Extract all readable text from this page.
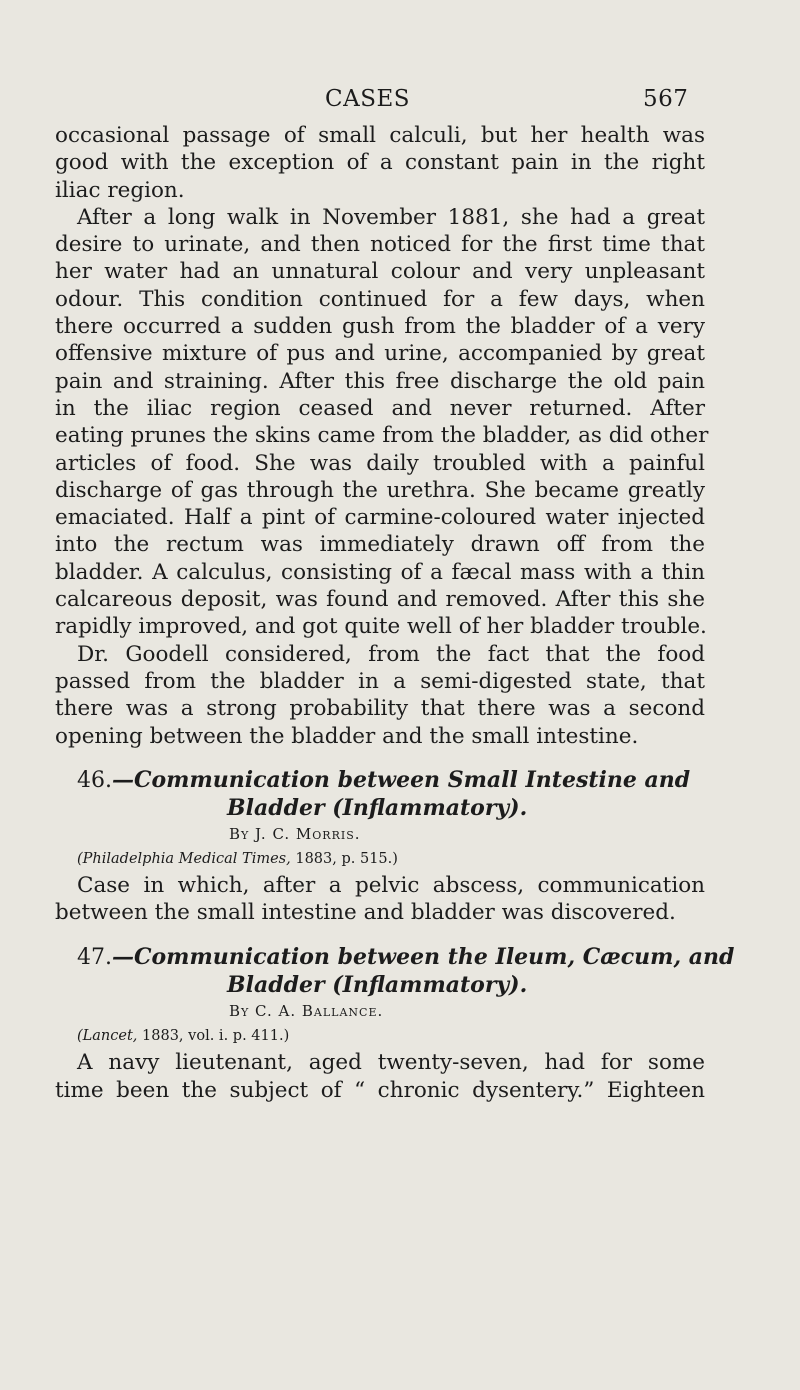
CASES	567
occasional passage of small calculi, but her health was
good with the exception of a constant pain in the right
iliac region.
After a long walk in November 1881, she had a great
desire to urinate, and then noticed for the first time that
her water had an unnatural colour and very unpleasant
odour. This condition continued for a few days, when
there occurred a sudden gush from the bladder of a very
offensive mixture of pus and urine, accompanied by great
pain and straining. After this free discharge the old pain
in the iliac region ceased and never returned. After
eating prunes the skins came from the bladder, as did other
articles of food. She was daily troubled with a painful
discharge of gas through the urethra. She became greatly
emaciated. Half a pint of carmine-coloured water injected
into the rectum was immediately drawn off from the
bladder. A calculus, consisting of a fæcal mass with a thin
calcareous deposit, was found and removed. After this she
rapidly improved, and got quite well of her bladder trouble.
Dr. Goodell considered, from the fact that the food
passed from the bladder in a semi-digested state, that
there was a strong probability that there was a second
opening between the bladder and the small intestine.
46.—Communication between Small Intestine and
Bladder (Inflammatory).
By J. C. Morris.
(Philadelphia Medical Times, 1883, p. 515.)
Case in which, after a pelvic abscess, communication
between the small intestine and bladder was discovered.
47.—Communication between the Ileum, Cæcum, and
Bladder (Inflammatory).
By C. A. Ballance.
(Lancet, 1883, vol. i. p. 411.)
A navy lieutenant, aged twenty-seven, had for some
time been the subject of “ chronic dysentery.” Eighteen
